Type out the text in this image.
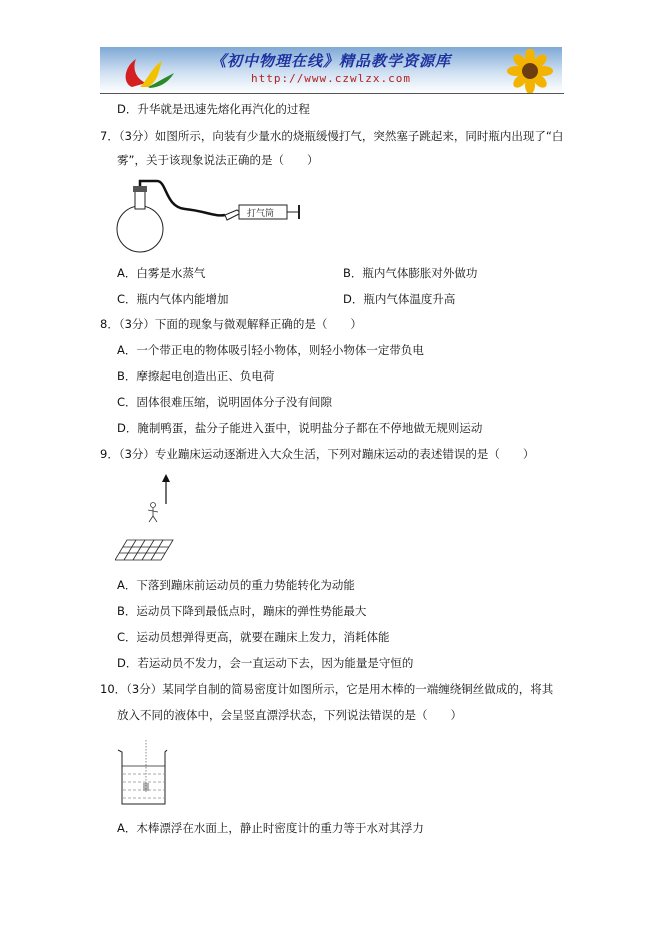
《初中物理在线》精品教学资源库
http://www.czwlzx.com
D．升华就是迅速先熔化再汽化的过程
7．（3分）如图所示，向装有少量水的烧瓶缓慢打气，突然塞子跳起来，同时瓶内出现了“白
雾”，关于该现象说法正确的是（　　）
打气筒
A．白雾是水蒸气	B．瓶内气体膨胀对外做功
C．瓶内气体内能增加	D．瓶内气体温度升高
8．（3分）下面的现象与微观解释正确的是（　　）
A．一个带正电的物体吸引轻小物体，则轻小物体一定带负电
B．摩擦起电创造出正、负电荷
C．固体很难压缩，说明固体分子没有间隙
D．腌制鸭蛋，盐分子能进入蛋中，说明盐分子都在不停地做无规则运动
9．（3分）专业蹦床运动逐渐进入大众生活，下列对蹦床运动的表述错误的是（　　）
A．下落到蹦床前运动员的重力势能转化为动能
B．运动员下降到最低点时，蹦床的弹性势能最大
C．运动员想弹得更高，就要在蹦床上发力，消耗体能
D．若运动员不发力，会一直运动下去，因为能量是守恒的
10．（3分）某同学自制的简易密度计如图所示，它是用木棒的一端缠绕铜丝做成的，将其
放入不同的液体中，会呈竖直漂浮状态，下列说法错误的是（　　）
A．木棒漂浮在水面上，静止时密度计的重力等于水对其浮力
